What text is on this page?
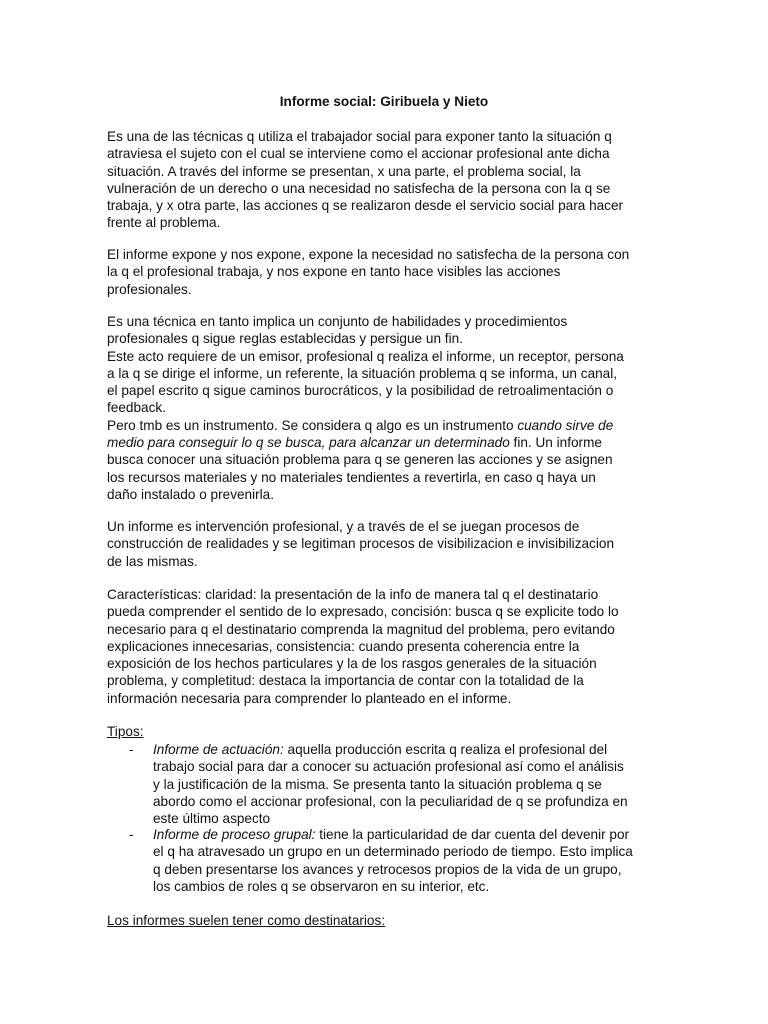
Informe social: Giribuela y Nieto

Es una de las técnicas q utiliza el trabajador social para exponer tanto la situación q
atraviesa el sujeto con el cual se interviene como el accionar profesional ante dicha
situación. A través del informe se presentan, x una parte, el problema social, la
vulneración de un derecho o una necesidad no satisfecha de la persona con la q se
trabaja, y x otra parte, las acciones q se realizaron desde el servicio social para hacer
frente al problema.

El informe expone y nos expone, expone la necesidad no satisfecha de la persona con
la q el profesional trabaja, y nos expone en tanto hace visibles las acciones
profesionales.

Es una técnica en tanto implica un conjunto de habilidades y procedimientos
profesionales q sigue reglas establecidas y persigue un fin.
Este acto requiere de un emisor, profesional q realiza el informe, un receptor, persona
a la q se dirige el informe, un referente, la situación problema q se informa, un canal,
el papel escrito q sigue caminos burocráticos, y la posibilidad de retroalimentación o
feedback.
Pero tmb es un instrumento. Se considera q algo es un instrumento cuando sirve de
medio para conseguir lo q se busca, para alcanzar un determinado fin. Un informe
busca conocer una situación problema para q se generen las acciones y se asignen
los recursos materiales y no materiales tendientes a revertirla, en caso q haya un
daño instalado o prevenirla.

Un informe es intervención profesional, y a través de el se juegan procesos de
construcción de realidades y se legitiman procesos de visibilizacion e invisibilizacion
de las mismas.

Características: claridad: la presentación de la info de manera tal q el destinatario
pueda comprender el sentido de lo expresado, concisión: busca q se explicite todo lo
necesario para q el destinatario comprenda la magnitud del problema, pero evitando
explicaciones innecesarias, consistencia: cuando presenta coherencia entre la
exposición de los hechos particulares y la de los rasgos generales de la situación
problema, y completitud: destaca la importancia de contar con la totalidad de la
información necesaria para comprender lo planteado en el informe.

Tipos:

- Informe de actuación: aquella producción escrita q realiza el profesional del
trabajo social para dar a conocer su actuación profesional así como el análisis
y la justificación de la misma. Se presenta tanto la situación problema q se
abordo como el accionar profesional, con la peculiaridad de q se profundiza en
este último aspecto
- Informe de proceso grupal: tiene la particularidad de dar cuenta del devenir por
el q ha atravesado un grupo en un determinado periodo de tiempo. Esto implica
q deben presentarse los avances y retrocesos propios de la vida de un grupo,
los cambios de roles q se observaron en su interior, etc.

Los informes suelen tener como destinatarios:
